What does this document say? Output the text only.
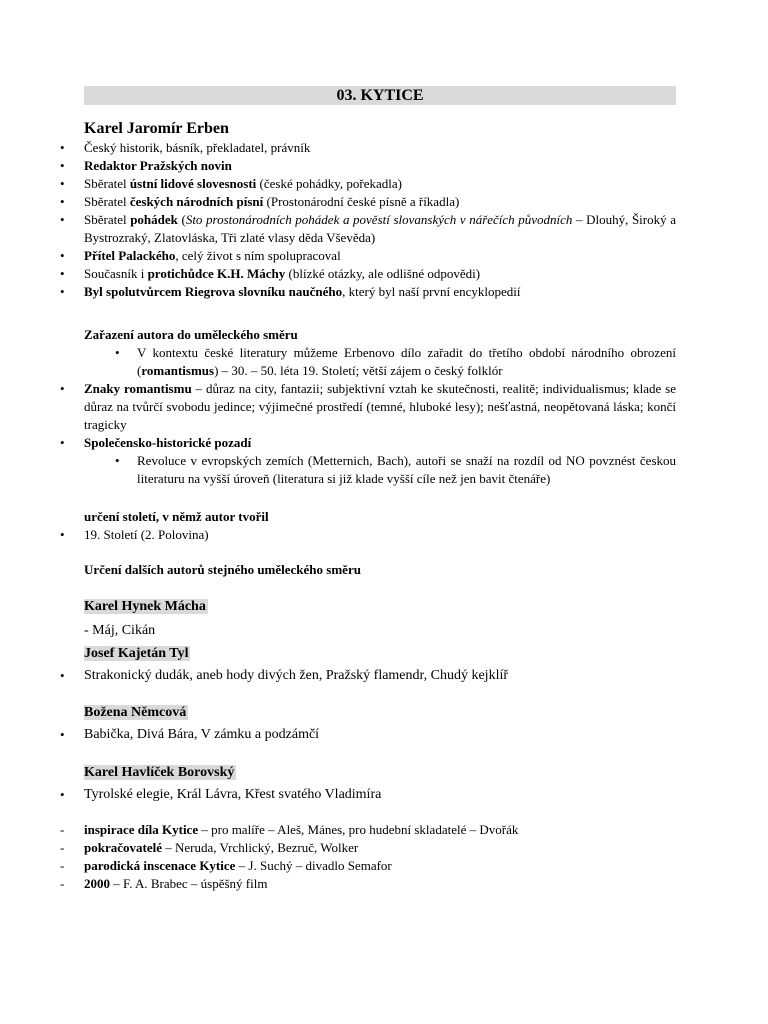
03. KYTICE
Karel Jaromír Erben
• Český historik, básník, překladatel, právník
• Redaktor Pražských novin
• Sběratel ústní lidové slovesnosti (české pohádky, pořekadla)
• Sběratel českých národních písní (Prostonárodní české písně a říkadla)
• Sběratel pohádek (Sto prostonárodních pohádek a pověstí slovanských v nářečích původních – Dlouhý, Široký a Bystrozraký, Zlatovláska, Tři zlaté vlasy děda Vševěda)
• Přítel Palackého, celý život s ním spolupracoval
• Současník i protichůdce K.H. Máchy (blízké otázky, ale odlišné odpovědi)
• Byl spolutvůrcem Riegrova slovníku naučného, který byl naší první encyklopedií
Zařazení autora do uměleckého směru
• V kontextu české literatury můžeme Erbenovo dílo zařadit do třetího období národního obrození (romantismus) – 30. – 50. léta 19. Století; větší zájem o český folklór
• Znaky romantismu – důraz na city, fantazii; subjektivní vztah ke skutečnosti, realitě; individualismus; klade se důraz na tvůrčí svobodu jedince; výjimečné prostředí (temné, hluboké lesy); nešťastná, neopětovaná láska; končí tragicky
• Společensko-historické pozadí
• Revoluce v evropských zemích (Metternich, Bach), autoři se snaží na rozdíl od NO povznést českou literaturu na vyšší úroveň (literatura si již klade vyšší cíle než jen bavit čtenáře)
určení století, v němž autor tvořil
• 19. Století (2. Polovina)
Určení dalších autorů stejného uměleckého směru
Karel Hynek Mácha
- Máj, Cikán
Josef Kajetán Tyl
• Strakonický dudák, aneb hody divých žen, Pražský flamendr, Chudý kejklíř
Božena Němcová
• Babička, Divá Bára, V zámku a podzámčí
Karel Havlíček Borovský
• Tyrolské elegie, Král Lávra, Křest svatého Vladimíra
- inspirace díla Kytice – pro malíře – Aleš, Mánes, pro hudební skladatelé – Dvořák
- pokračovatelé – Neruda, Vrchlický, Bezruč, Wolker
- parodická inscenace Kytice – J. Suchý – divadlo Semafor
- 2000 – F. A. Brabec – úspěšný film
